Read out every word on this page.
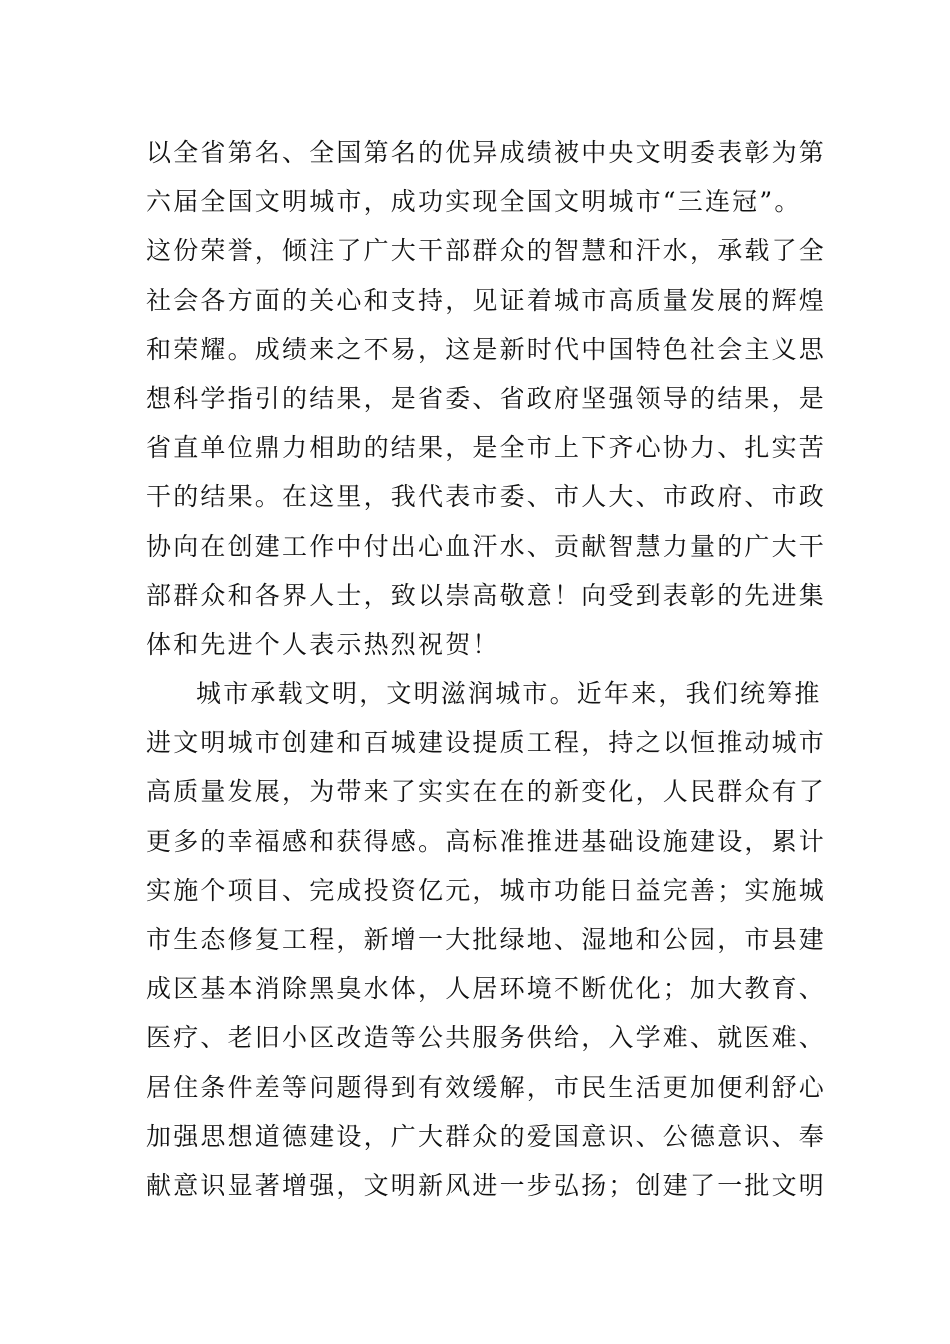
以全省第名、全国第名的优异成绩被中央文明委表彰为第
六届全国文明城市，成功实现全国文明城市“三连冠”。
这份荣誉，倾注了广大干部群众的智慧和汗水，承载了全
社会各方面的关心和支持，见证着城市高质量发展的辉煌
和荣耀。成绩来之不易，这是新时代中国特色社会主义思
想科学指引的结果，是省委、省政府坚强领导的结果，是
省直单位鼎力相助的结果，是全市上下齐心协力、扎实苦
干的结果。在这里，我代表市委、市人大、市政府、市政
协向在创建工作中付出心血汗水、贡献智慧力量的广大干
部群众和各界人士，致以崇高敬意！向受到表彰的先进集
体和先进个人表示热烈祝贺！
城市承载文明，文明滋润城市。近年来，我们统筹推
进文明城市创建和百城建设提质工程，持之以恒推动城市
高质量发展，为带来了实实在在的新变化，人民群众有了
更多的幸福感和获得感。高标准推进基础设施建设，累计
实施个项目、完成投资亿元，城市功能日益完善；实施城
市生态修复工程，新增一大批绿地、湿地和公园，市县建
成区基本消除黑臭水体，人居环境不断优化；加大教育、
医疗、老旧小区改造等公共服务供给，入学难、就医难、
居住条件差等问题得到有效缓解，市民生活更加便利舒心
加强思想道德建设，广大群众的爱国意识、公德意识、奉
献意识显著增强，文明新风进一步弘扬；创建了一批文明
